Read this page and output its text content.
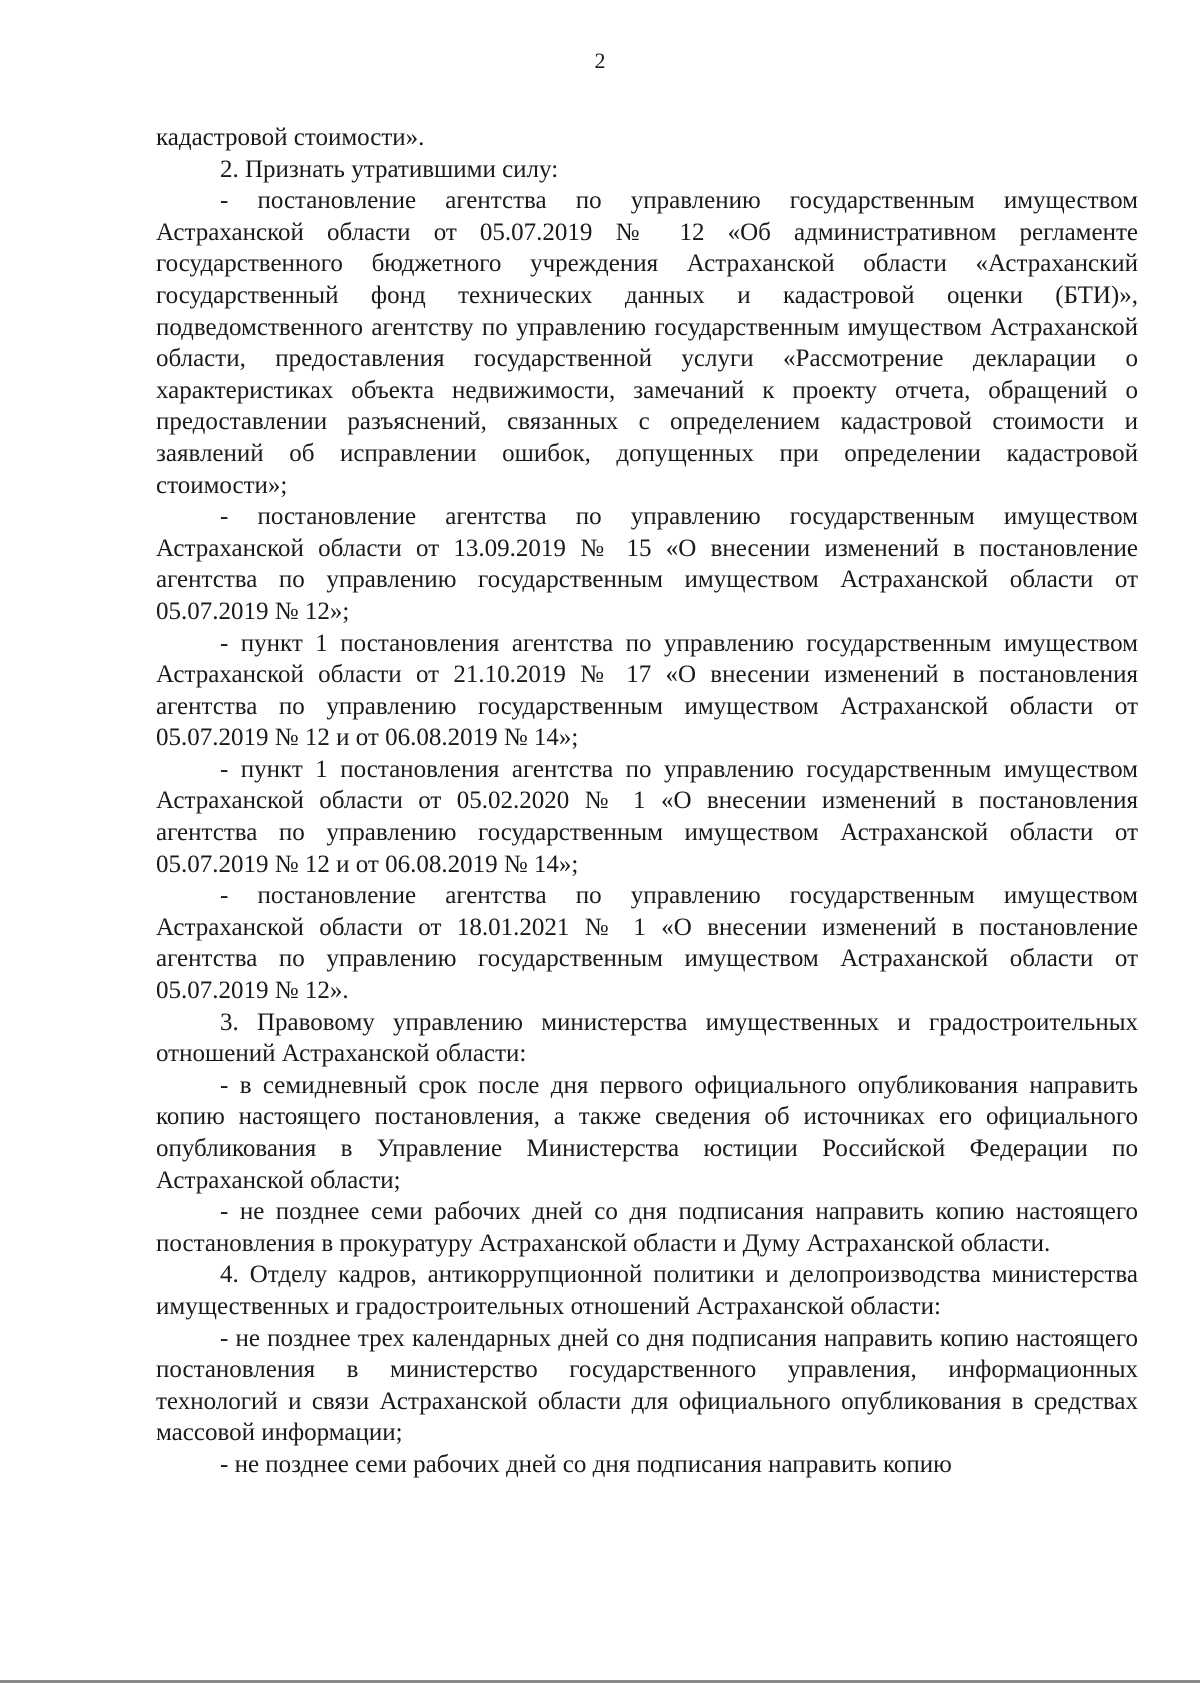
2

кадастровой стоимости».

2. Признать утратившими силу:

- постановление агентства по управлению государственным имуществом Астраханской области от 05.07.2019 № 12 «Об административном регламенте государственного бюджетного учреждения Астраханской области «Астраханский государственный фонд технических данных и кадастровой оценки (БТИ)», подведомственного агентству по управлению государственным имуществом Астраханской области, предоставления государственной услуги «Рассмотрение декларации о характеристиках объекта недвижимости, замечаний к проекту отчета, обращений о предоставлении разъяснений, связанных с определением кадастровой стоимости и заявлений об исправлении ошибок, допущенных при определении кадастровой стоимости»;

- постановление агентства по управлению государственным имуществом Астраханской области от 13.09.2019 № 15 «О внесении изменений в постановление агентства по управлению государственным имуществом Астраханской области от 05.07.2019 № 12»;

- пункт 1 постановления агентства по управлению государственным имуществом Астраханской области от 21.10.2019 № 17 «О внесении изменений в постановления агентства по управлению государственным имуществом Астраханской области от 05.07.2019 № 12 и от 06.08.2019 № 14»;

- пункт 1 постановления агентства по управлению государственным имуществом Астраханской области от 05.02.2020 № 1 «О внесении изменений в постановления агентства по управлению государственным имуществом Астраханской области от 05.07.2019 № 12 и от 06.08.2019 № 14»;

- постановление агентства по управлению государственным имуществом Астраханской области от 18.01.2021 № 1 «О внесении изменений в постановление агентства по управлению государственным имуществом Астраханской области от 05.07.2019 № 12».

3. Правовому управлению министерства имущественных и градостроительных отношений Астраханской области:

- в семидневный срок после дня первого официального опубликования направить копию настоящего постановления, а также сведения об источниках его официального опубликования в Управление Министерства юстиции Российской Федерации по Астраханской области;

- не позднее семи рабочих дней со дня подписания направить копию настоящего постановления в прокуратуру Астраханской области и Думу Астраханской области.

4. Отделу кадров, антикоррупционной политики и делопроизводства министерства имущественных и градостроительных отношений Астраханской области:

- не позднее трех календарных дней со дня подписания направить копию настоящего постановления в министерство государственного управления, информационных технологий и связи Астраханской области для официального опубликования в средствах массовой информации;

- не позднее семи рабочих дней со дня подписания направить копию
